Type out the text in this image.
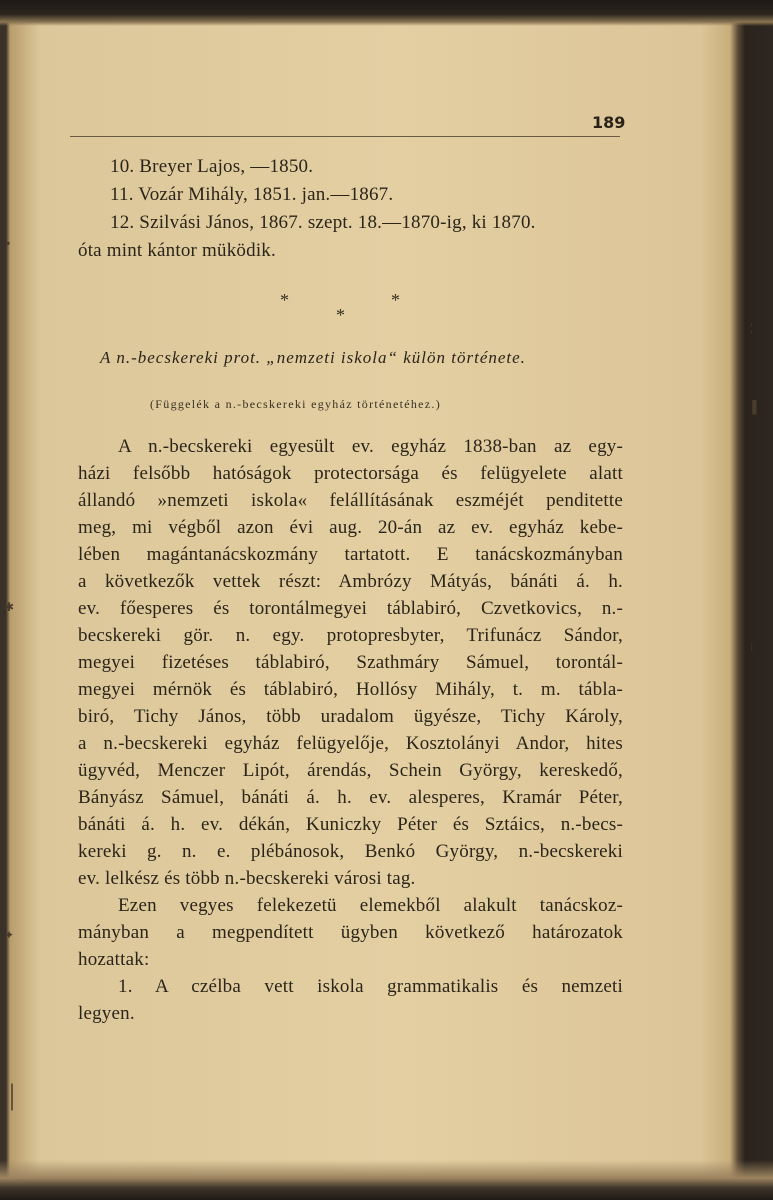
189
10. Breyer Lajos, —1850.
11. Vozár Mihály, 1851. jan.—1867.
12. Szilvási János, 1867. szept. 18.—1870-ig, ki 1870.
óta mint kántor müködik.
*	*
*
A n.-becskereki prot. „nemzeti iskola“ külön története.
(Függelék a n.-becskereki egyház történetéhez.)
A n.-becskereki egyesült ev. egyház 1838-ban az egy-
házi felsőbb hatóságok protectorsága és felügyelete alatt
állandó »nemzeti iskola« felállításának eszméjét penditette
meg, mi végből azon évi aug. 20-án az ev. egyház kebe-
lében magántanácskozmány tartatott. E tanácskozmányban
a következők vettek részt: Ambrózy Mátyás, bánáti á. h.
ev. főesperes és torontálmegyei táblabiró, Czvetkovics, n.-
becskereki gör. n. egy. protopresbyter, Trifunácz Sándor,
megyei fizetéses táblabiró, Szathmáry Sámuel, torontál-
megyei mérnök és táblabiró, Hollósy Mihály, t. m. tábla-
biró, Tichy János, több uradalom ügyésze, Tichy Károly,
a n.-becskereki egyház felügyelője, Kosztolányi Andor, hites
ügyvéd, Menczer Lipót, árendás, Schein György, kereskedő,
Bányász Sámuel, bánáti á. h. ev. alesperes, Kramár Péter,
bánáti á. h. ev. dékán, Kuniczky Péter és Sztáics, n.-becs-
kereki g. n. e. plébánosok, Benkó György, n.-becskereki
ev. lelkész és több n.-becskereki városi tag.
Ezen vegyes felekezetü elemekből alakult tanácskoz-
mányban a megpendített ügyben következő határozatok
hozattak:
1. A czélba vett iskola grammatikalis és nemzeti
legyen.
▪
✱
✦
|
¦
▐
⁞
